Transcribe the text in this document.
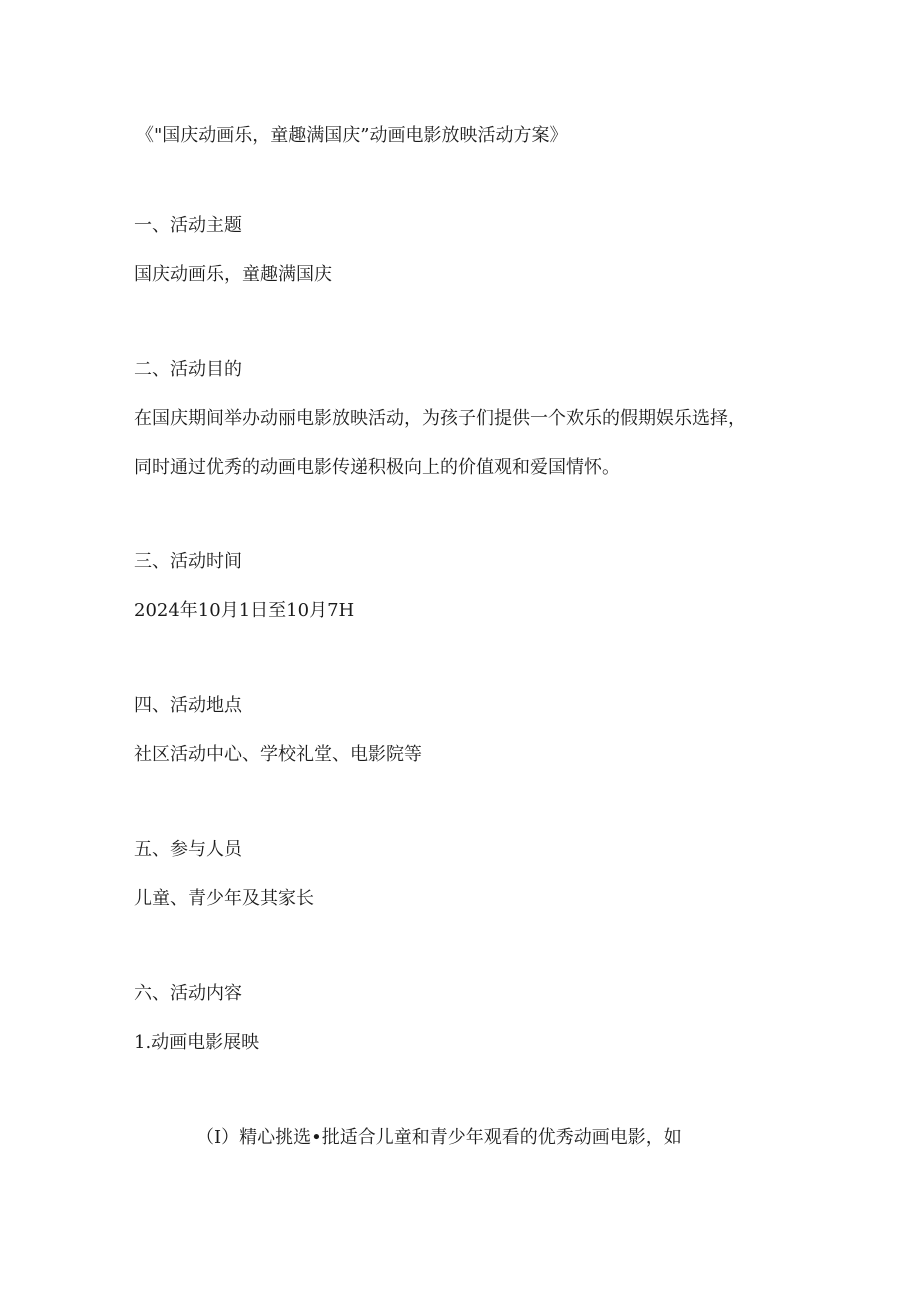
《"国庆动画乐，童趣满国庆”动画电影放映活动方案》
一、活动主题

国庆动画乐，童趣满国庆

二、活动目的

在国庆期间举办动丽电影放映活动，为孩子们提供一个欢乐的假期娱乐选择，

同时通过优秀的动画电影传递积极向上的价值观和爱国情怀。

三、活动时间

2024年10月1日至10月7H

四、活动地点

社区活动中心、学校礼堂、电影院等

五、参与人员

儿童、青少年及其家长

六、活动内容
1.动画电影展映

（I）精心挑选•批适合儿童和青少年观看的优秀动画电影，如
